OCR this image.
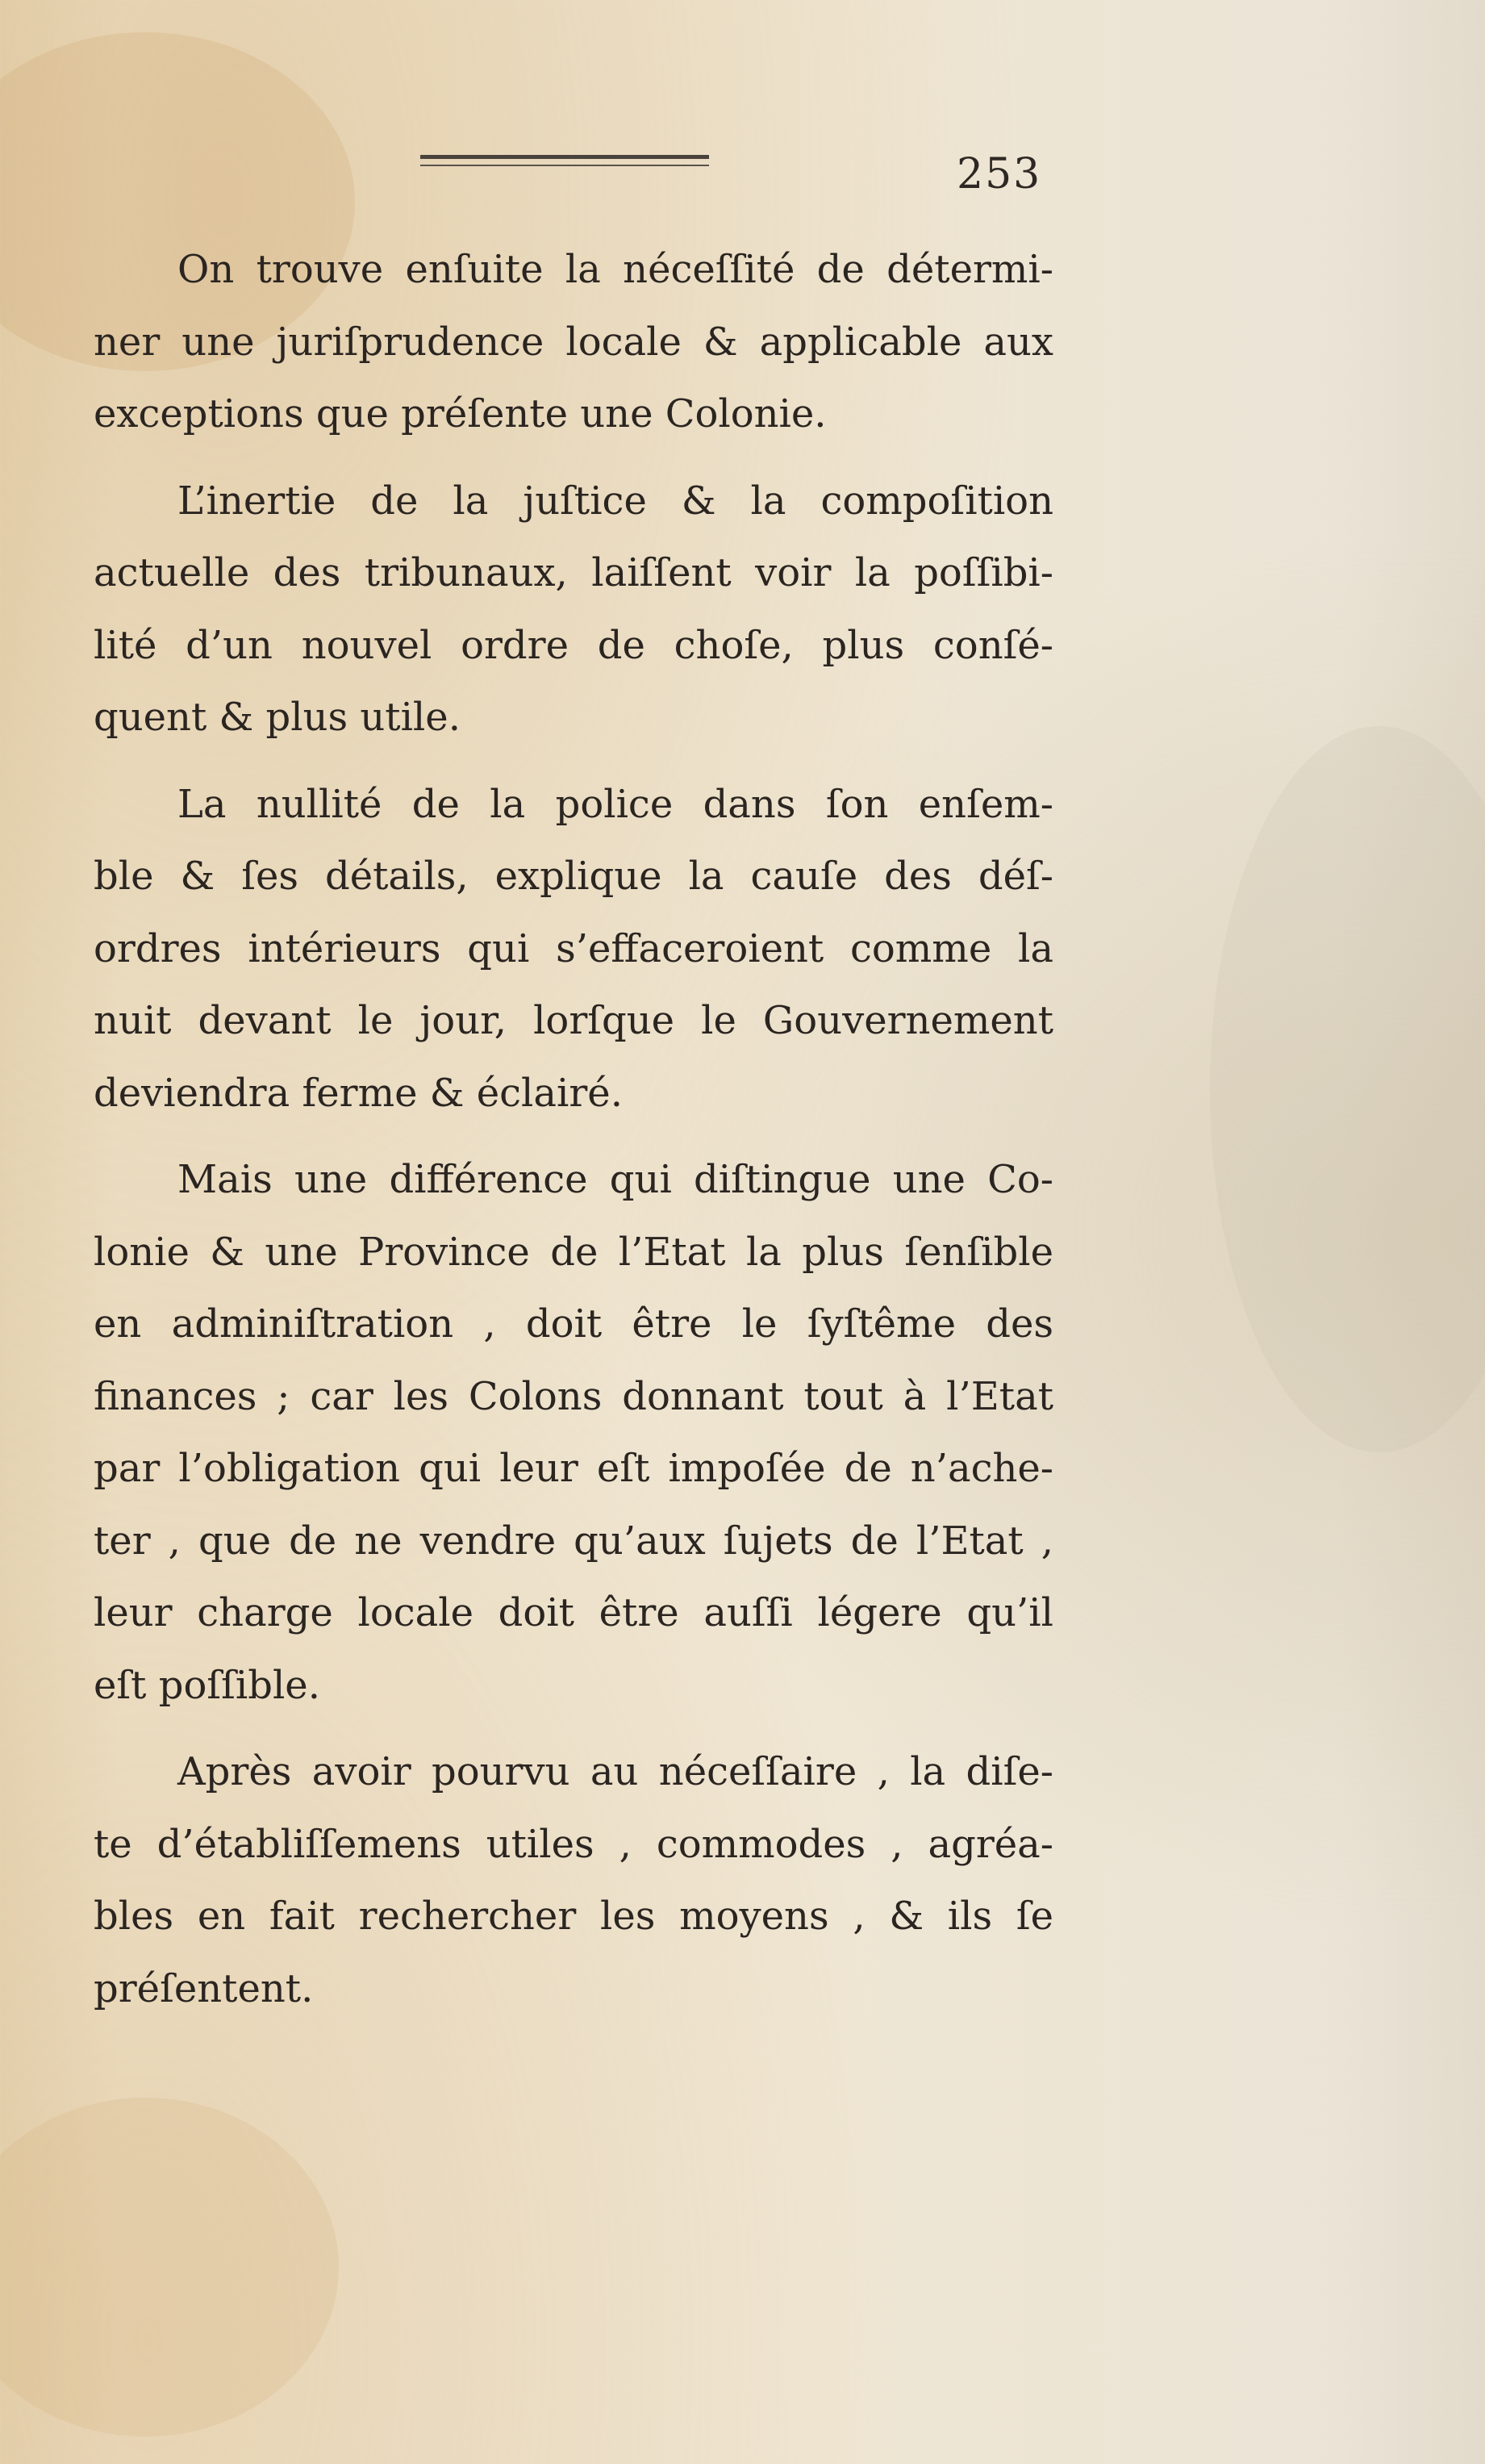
253
On trouve enſuite la néceſſité de détermi-
ner une juriſprudence locale & applicable aux
exceptions que préſente une Colonie.
L’inertie de la juſtice & la compoſition
actuelle des tribunaux, laiſſent voir la poſſibi-
lité d’un nouvel ordre de choſe, plus conſé-
quent & plus utile.
La nullité de la police dans ſon enſem-
ble & ſes détails, explique la cauſe des déſ-
ordres intérieurs qui s’effaceroient comme la
nuit devant le jour, lorſque le Gouvernement
deviendra ferme & éclairé.
Mais une différence qui diſtingue une Co-
lonie & une Province de l’Etat la plus ſenſible
en adminiſtration , doit être le ſyſtême des
finances ; car les Colons donnant tout à l’Etat
par l’obligation qui leur eſt impoſée de n’ache-
ter , que de ne vendre qu’aux ſujets de l’Etat ,
leur charge locale doit être auſſi légere qu’il
eſt poſſible.
Après avoir pourvu au néceſſaire , la diſe-
te d’établiſſemens utiles , commodes , agréa-
bles en fait rechercher les moyens , & ils ſe
préſentent.
